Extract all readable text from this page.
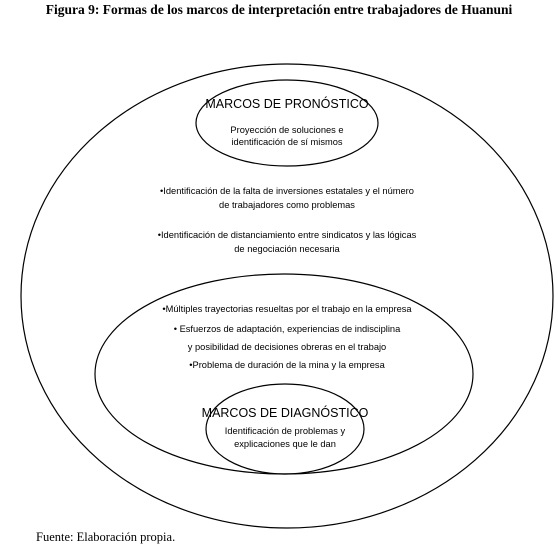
Figura 9: Formas de los marcos de interpretación entre trabajadores de Huanuni
MARCOS DE PRONÓSTICO
Proyección de soluciones e
identificación de sí mismos
•Identificación de la falta de inversiones estatales y el número
de trabajadores como problemas
•Identificación de distanciamiento entre sindicatos y las lógicas
de negociación necesaria
•Múltiples trayectorias resueltas por el trabajo en la empresa
• Esfuerzos de adaptación, experiencias de indisciplina
y posibilidad de decisiones obreras en el trabajo
•Problema de duración de la mina y la empresa
MARCOS DE DIAGNÓSTICO
Identificación de problemas y
explicaciones que le dan
Fuente: Elaboración propia.
